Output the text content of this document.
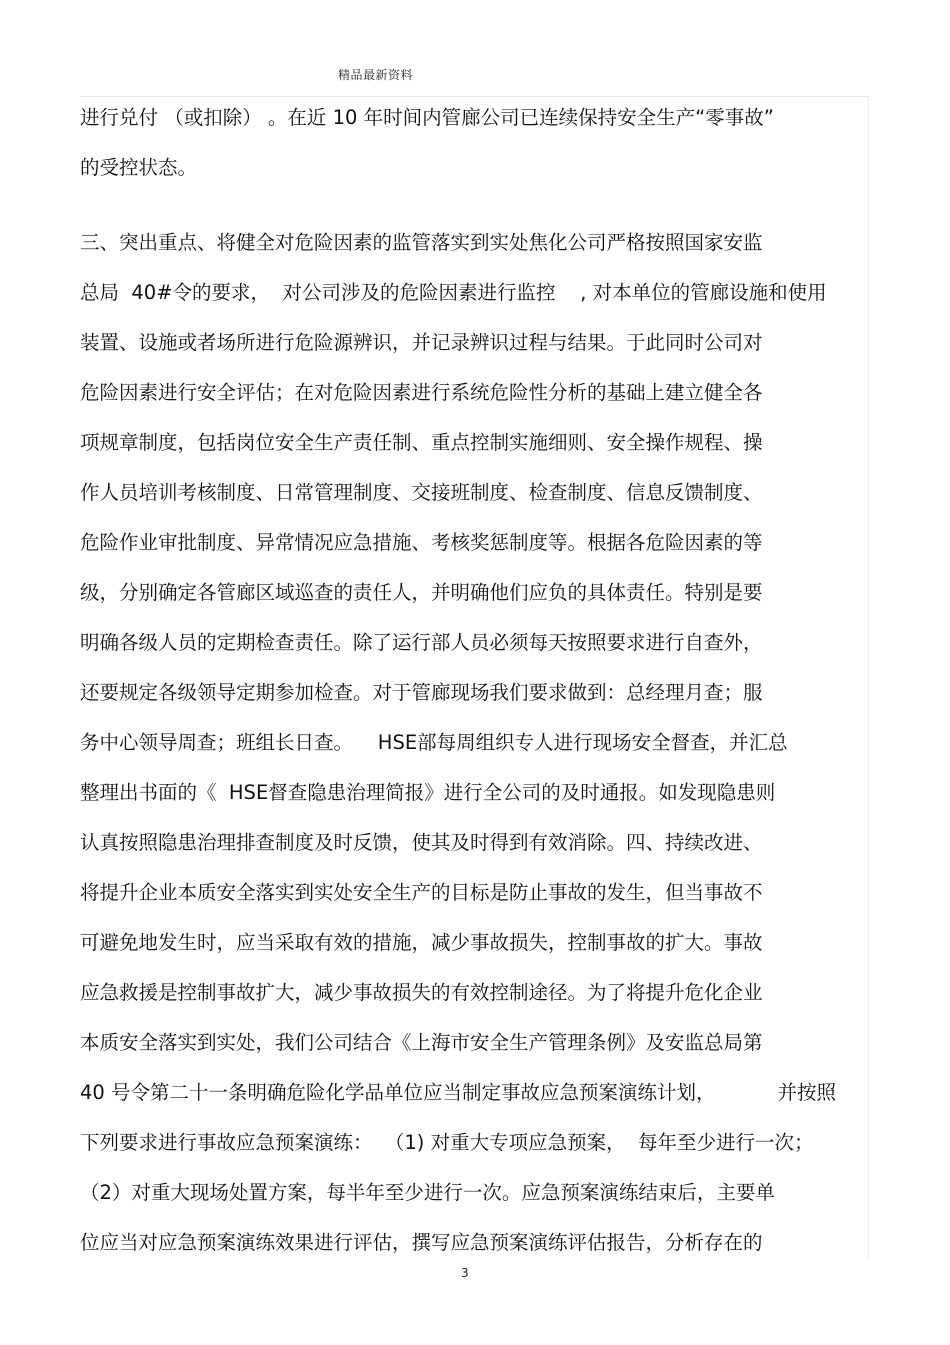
精品最新资料
进行兑付 （或扣除） 。在近 10 年时间内管廊公司已连续保持安全生产“零事故”
的受控状态。
三、突出重点、将健全对危险因素的监管落实到实处焦化公司严格按照国家安监
总局  40#令的要求，  对公司涉及的危险因素进行监控    , 对本单位的管廊设施和使用
装置、设施或者场所进行危险源辨识，并记录辨识过程与结果。于此同时公司对
危险因素进行安全评估；在对危险因素进行系统危险性分析的基础上建立健全各
项规章制度，包括岗位安全生产责任制、重点控制实施细则、安全操作规程、操
作人员培训考核制度、日常管理制度、交接班制度、检查制度、信息反馈制度、
危险作业审批制度、异常情况应急措施、考核奖惩制度等。根据各危险因素的等
级，分别确定各管廊区域巡查的责任人，并明确他们应负的具体责任。特别是要
明确各级人员的定期检查责任。除了运行部人员必须每天按照要求进行自查外，
还要规定各级领导定期参加检查。对于管廊现场我们要求做到：总经理月查；服
务中心领导周查；班组长日查。    HSE部每周组织专人进行现场安全督查，并汇总
整理出书面的《  HSE督查隐患治理简报》进行全公司的及时通报。如发现隐患则
认真按照隐患治理排查制度及时反馈，使其及时得到有效消除。四、持续改进、
将提升企业本质安全落实到实处安全生产的目标是防止事故的发生，但当事故不
可避免地发生时，应当采取有效的措施，减少事故损失，控制事故的扩大。事故
应急救援是控制事故扩大，减少事故损失的有效控制途径。为了将提升危化企业
本质安全落实到实处，我们公司结合《上海市安全生产管理条例》及安监总局第
40 号令第二十一条明确危险化学品单位应当制定事故应急预案演练计划，          并按照
下列要求进行事故应急预案演练：  （1) 对重大专项应急预案，  每年至少进行一次；
（2）对重大现场处置方案，每半年至少进行一次。应急预案演练结束后，主要单
位应当对应急预案演练效果进行评估，撰写应急预案演练评估报告，分析存在的
3
